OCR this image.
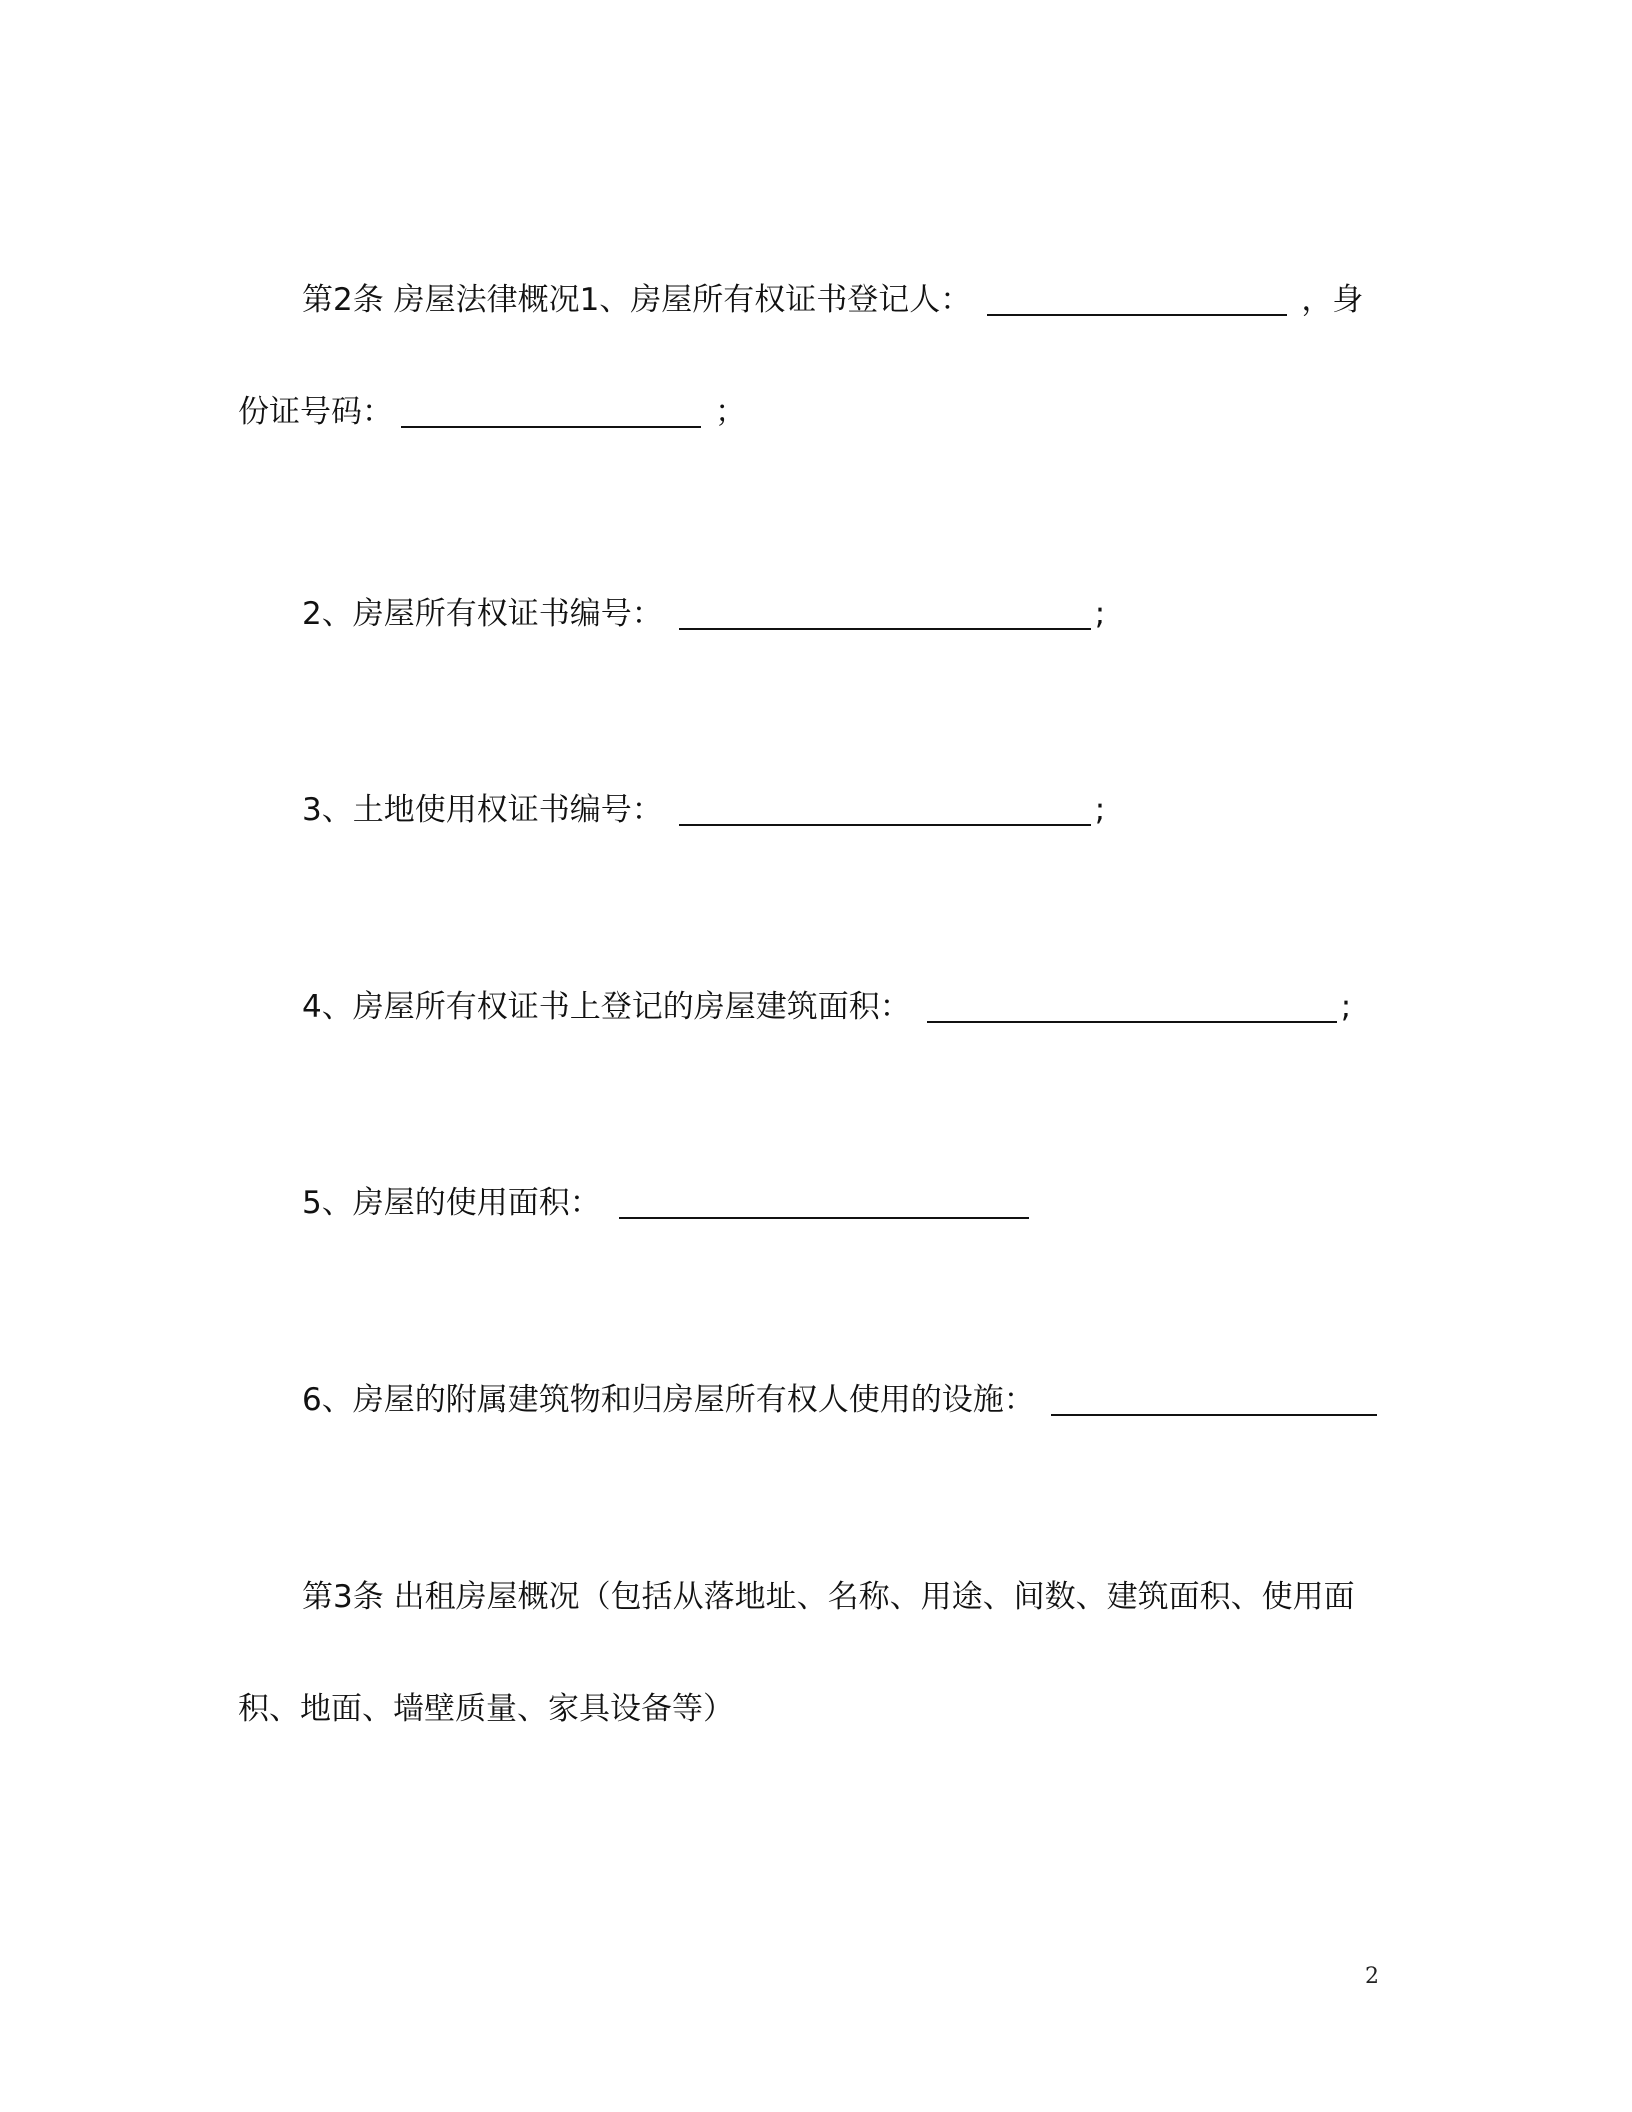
第2条 房屋法律概况1、房屋所有权证书登记人：	，身
份证号码：	；
2、房屋所有权证书编号：	;
3、土地使用权证书编号：	;
4、房屋所有权证书上登记的房屋建筑面积：	;
5、房屋的使用面积：
6、房屋的附属建筑物和归房屋所有权人使用的设施：
第3条 出租房屋概况（包括从落地址、名称、用途、间数、建筑面积、使用面
积、地面、墙壁质量、家具设备等）
2
